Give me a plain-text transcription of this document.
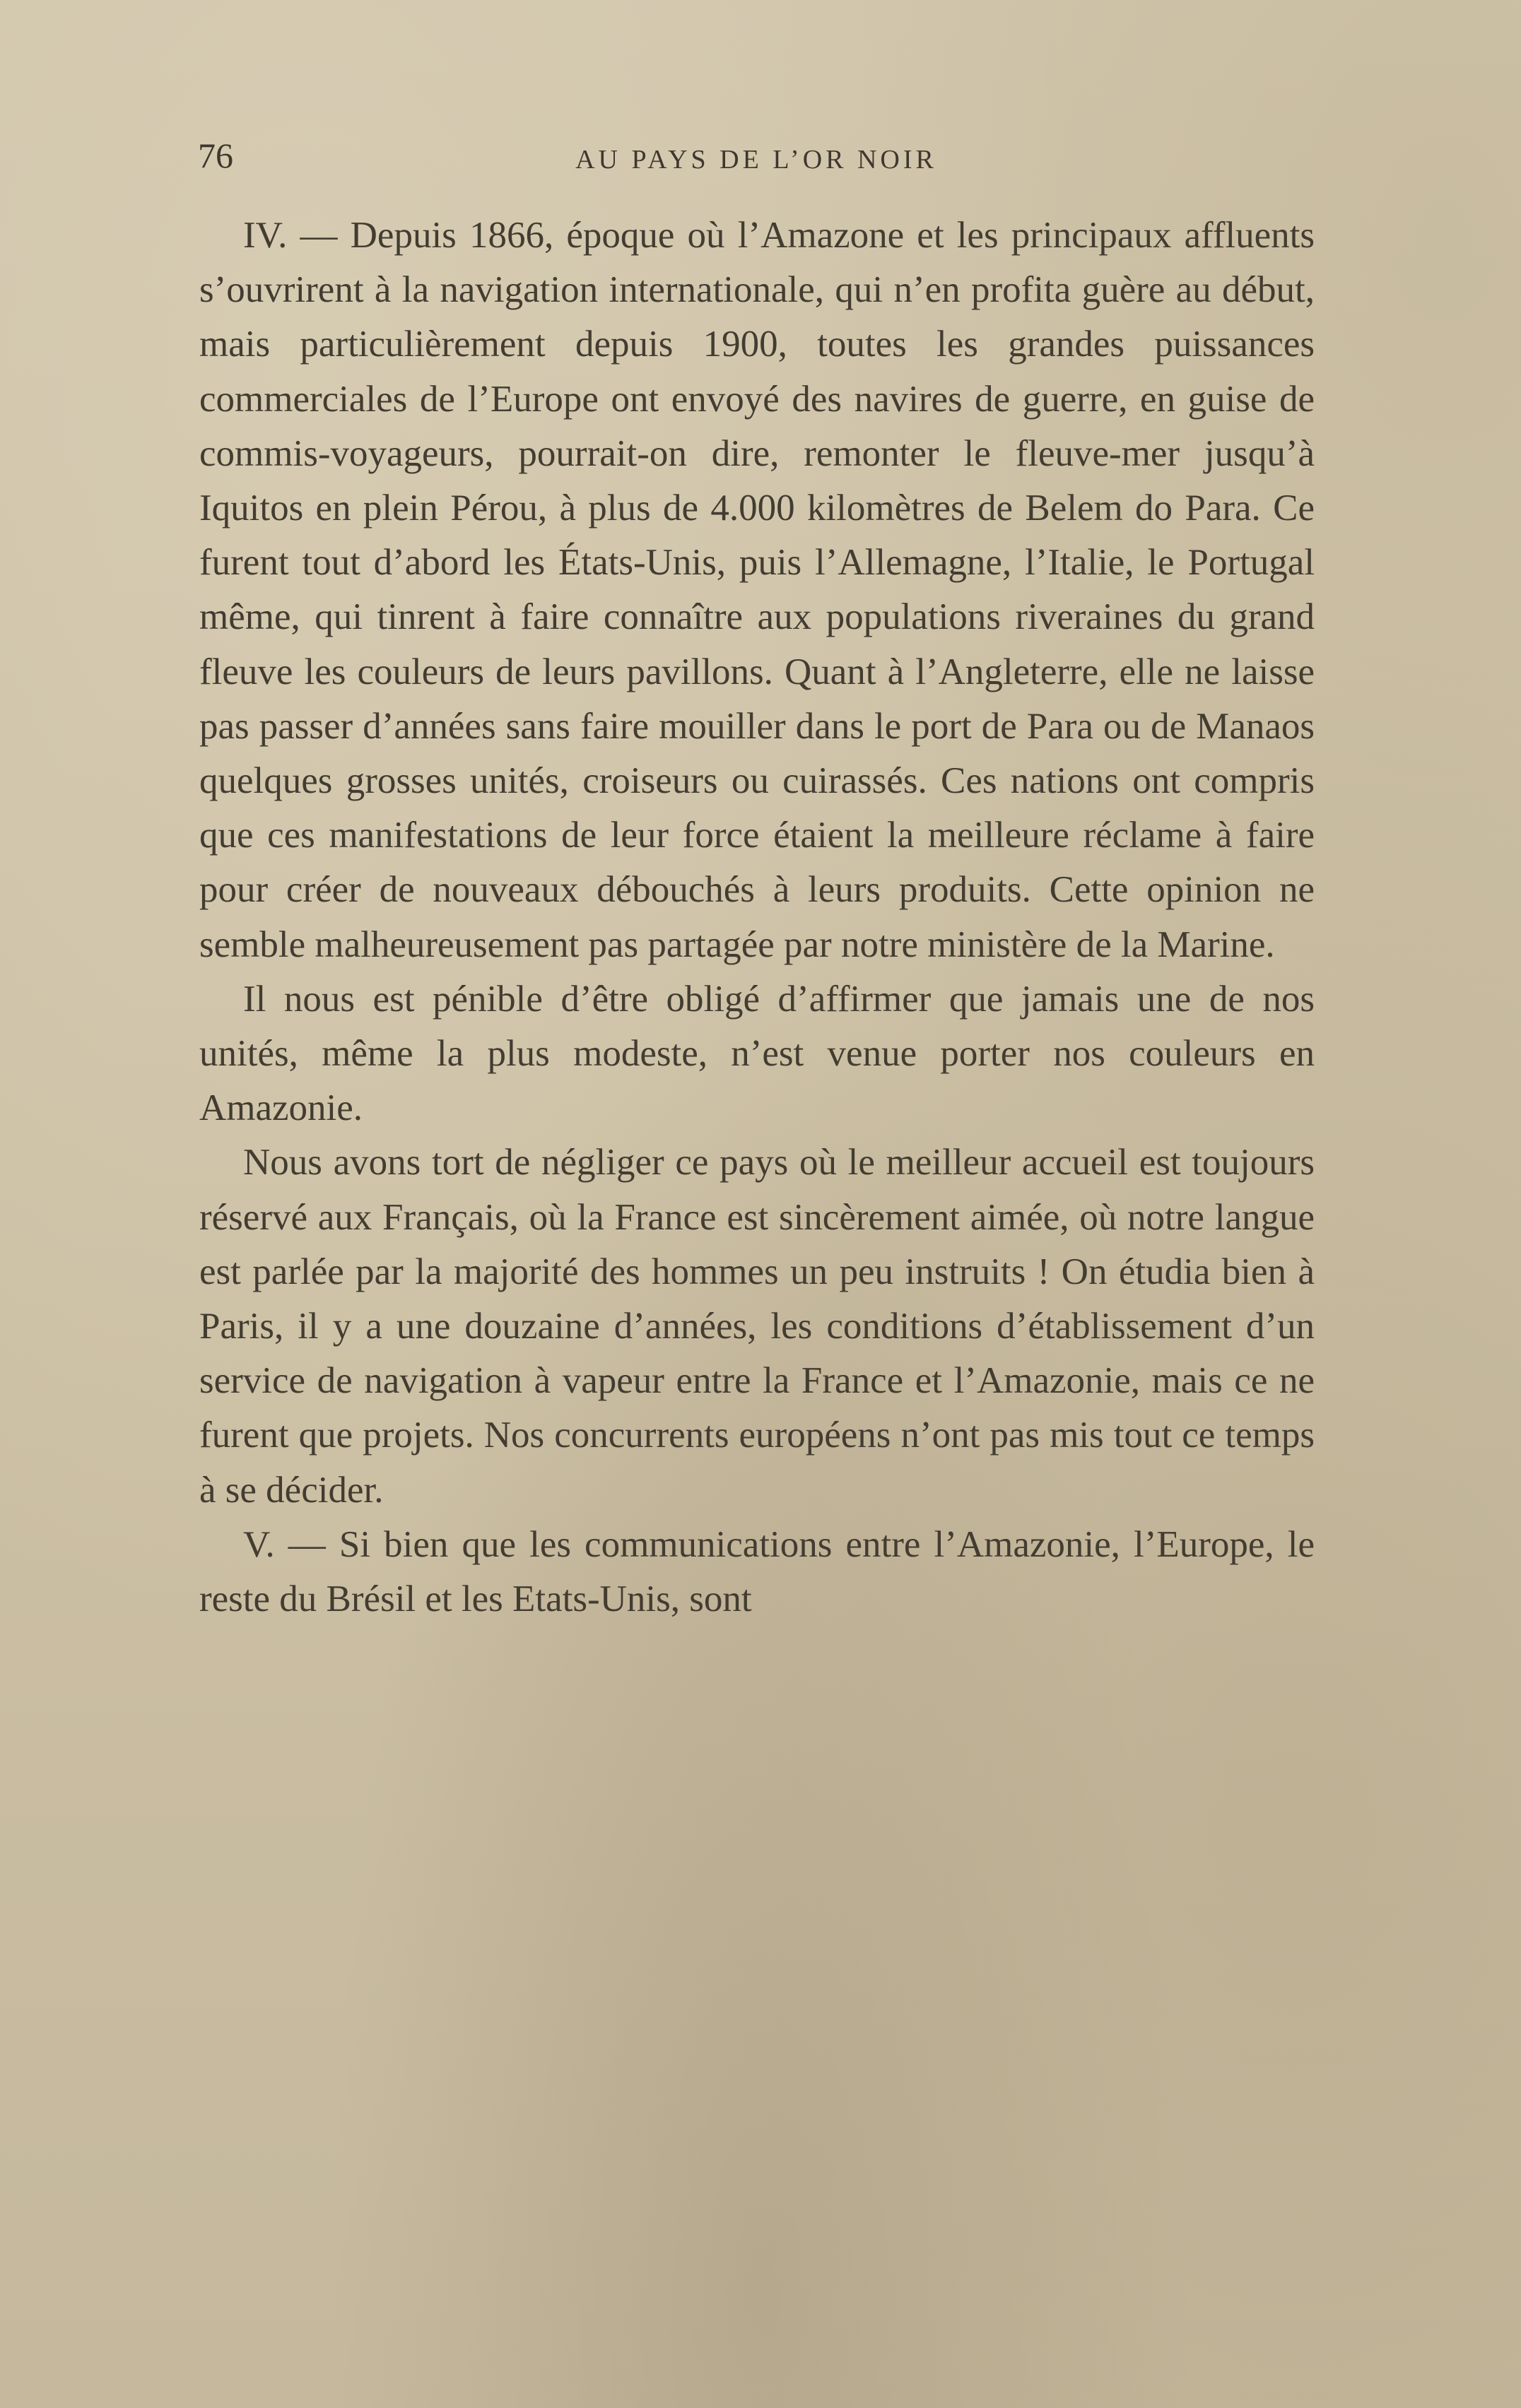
76	AU PAYS DE L’OR NOIR

IV. — Depuis 1866, époque où l’Amazone et les principaux affluents s’ouvrirent à la navigation internationale, qui n’en profita guère au début, mais particulièrement depuis 1900, toutes les grandes puissances commerciales de l’Europe ont envoyé des navires de guerre, en guise de commis-voyageurs, pourrait-on dire, remonter le fleuve-mer jusqu’à Iquitos en plein Pérou, à plus de 4.000 kilomètres de Belem do Para. Ce furent tout d’abord les États-Unis, puis l’Allemagne, l’Italie, le Portugal même, qui tinrent à faire connaître aux populations riveraines du grand fleuve les couleurs de leurs pavillons. Quant à l’Angleterre, elle ne laisse pas passer d’années sans faire mouiller dans le port de Para ou de Manaos quelques grosses unités, croiseurs ou cuirassés. Ces nations ont compris que ces manifestations de leur force étaient la meilleure réclame à faire pour créer de nouveaux débouchés à leurs produits. Cette opinion ne semble malheureusement pas partagée par notre ministère de la Marine.

Il nous est pénible d’être obligé d’affirmer que jamais une de nos unités, même la plus modeste, n’est venue porter nos couleurs en Amazonie.

Nous avons tort de négliger ce pays où le meilleur accueil est toujours réservé aux Français, où la France est sincèrement aimée, où notre langue est parlée par la majorité des hommes un peu instruits ! On étudia bien à Paris, il y a une douzaine d’années, les conditions d’établissement d’un service de navigation à vapeur entre la France et l’Amazonie, mais ce ne furent que projets. Nos concurrents européens n’ont pas mis tout ce temps à se décider.

V. — Si bien que les communications entre l’Amazonie, l’Europe, le reste du Brésil et les Etats-Unis, sont
